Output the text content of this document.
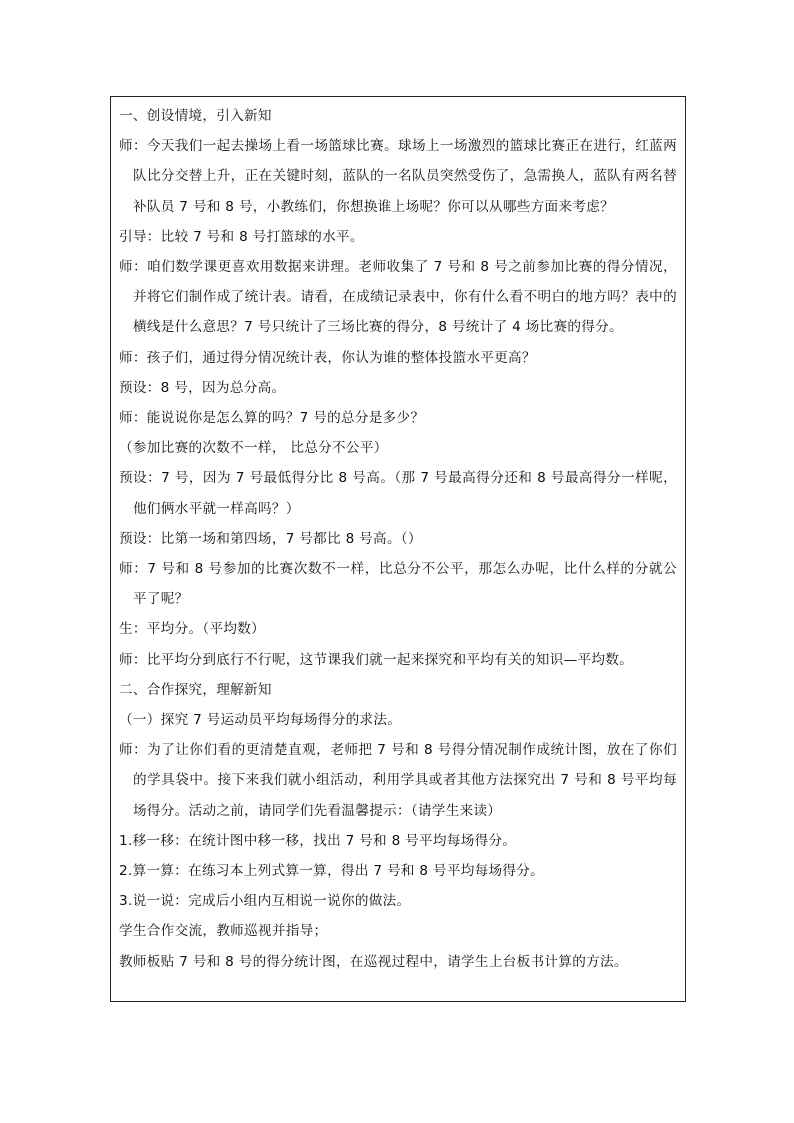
一、创设情境，引入新知

师：今天我们一起去操场上看一场篮球比赛。球场上一场激烈的篮球比赛正在进行，红蓝两队比分交替上升，正在关键时刻，蓝队的一名队员突然受伤了，急需换人，蓝队有两名替补队员 7 号和 8 号，小教练们，你想换谁上场呢？你可以从哪些方面来考虑？

引导：比较 7 号和 8 号打篮球的水平。

师：咱们数学课更喜欢用数据来讲理。老师收集了 7 号和 8 号之前参加比赛的得分情况，并将它们制作成了统计表。请看，在成绩记录表中，你有什么看不明白的地方吗？表中的横线是什么意思？7 号只统计了三场比赛的得分，8 号统计了 4 场比赛的得分。

师：孩子们，通过得分情况统计表，你认为谁的整体投篮水平更高？

预设：8 号，因为总分高。

师：能说说你是怎么算的吗？7 号的总分是多少？

（参加比赛的次数不一样， 比总分不公平）

预设：7 号，因为 7 号最低得分比 8 号高。（那 7 号最高得分还和 8 号最高得分一样呢，他们俩水平就一样高吗？）

预设：比第一场和第四场，7 号都比 8 号高。（）

师：7 号和 8 号参加的比赛次数不一样，比总分不公平，那怎么办呢，比什么样的分就公平了呢？

生：平均分。（平均数）

师：比平均分到底行不行呢，这节课我们就一起来探究和平均有关的知识—平均数。

二、合作探究，理解新知

（一）探究 7 号运动员平均每场得分的求法。

师：为了让你们看的更清楚直观，老师把 7 号和 8 号得分情况制作成统计图，放在了你们的学具袋中。接下来我们就小组活动，利用学具或者其他方法探究出 7 号和 8 号平均每场得分。活动之前，请同学们先看温馨提示：（请学生来读）

1.移一移：在统计图中移一移，找出 7 号和 8 号平均每场得分。

2.算一算：在练习本上列式算一算，得出 7 号和 8 号平均每场得分。

3.说一说：完成后小组内互相说一说你的做法。

学生合作交流，教师巡视并指导；

教师板贴 7 号和 8 号的得分统计图，在巡视过程中，请学生上台板书计算的方法。
